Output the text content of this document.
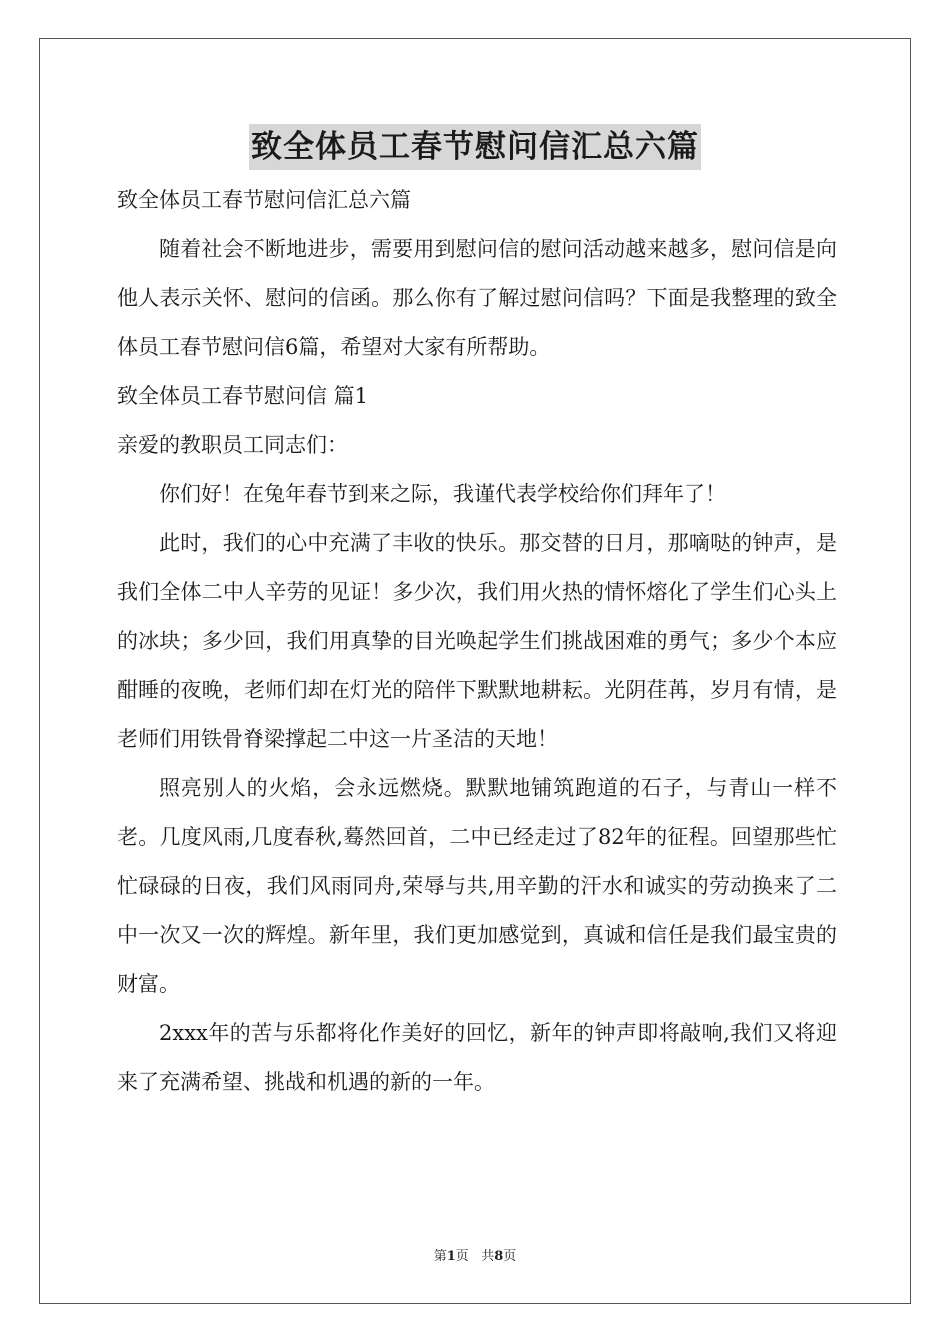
致全体员工春节慰问信汇总六篇
致全体员工春节慰问信汇总六篇

随着社会不断地进步，需要用到慰问信的慰问活动越来越多，慰问信是向他人表示关怀、慰问的信函。那么你有了解过慰问信吗？下面是我整理的致全体员工春节慰问信6篇，希望对大家有所帮助。

致全体员工春节慰问信 篇1
亲爱的教职员工同志们：

你们好！在兔年春节到来之际，我谨代表学校给你们拜年了！

此时，我们的心中充满了丰收的快乐。那交替的日月，那嘀哒的钟声，是我们全体二中人辛劳的见证！多少次，我们用火热的情怀熔化了学生们心头上的冰块；多少回，我们用真挚的目光唤起学生们挑战困难的勇气；多少个本应酣睡的夜晚，老师们却在灯光的陪伴下默默地耕耘。光阴荏苒，岁月有情，是老师们用铁骨脊梁撑起二中这一片圣洁的天地！

照亮别人的火焰，会永远燃烧。默默地铺筑跑道的石子，与青山一样不老。几度风雨,几度春秋,蓦然回首，二中已经走过了82年的征程。回望那些忙忙碌碌的日夜，我们风雨同舟,荣辱与共,用辛勤的汗水和诚实的劳动换来了二中一次又一次的辉煌。新年里，我们更加感觉到，真诚和信任是我们最宝贵的财富。

2xxx年的苦与乐都将化作美好的回忆，新年的钟声即将敲响,我们又将迎来了充满希望、挑战和机遇的新的一年。

第1页 共8页
